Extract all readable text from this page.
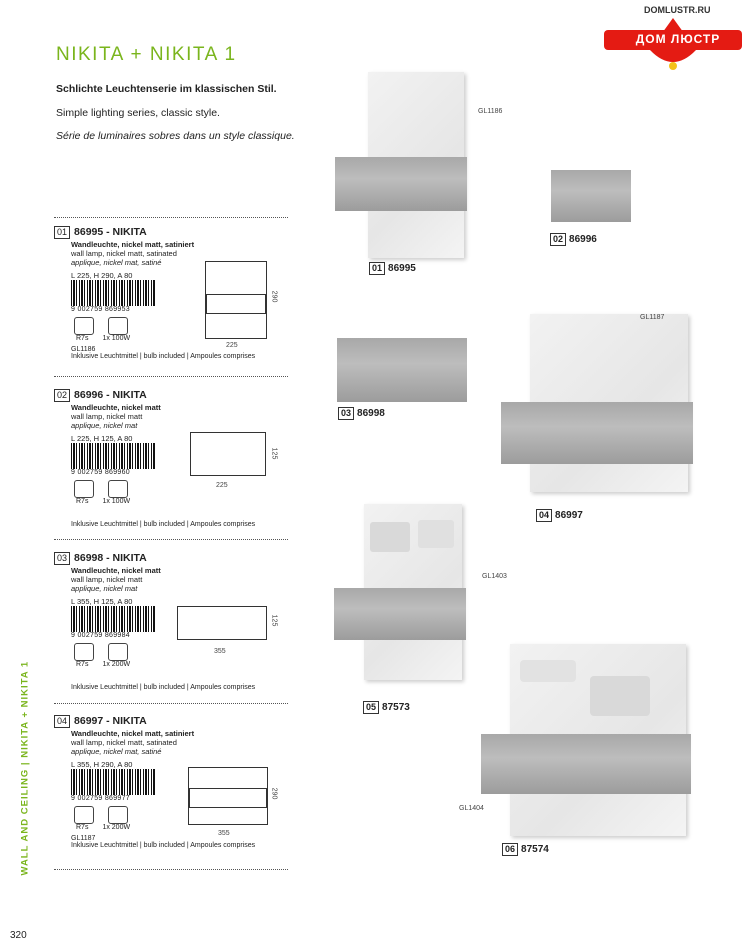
DOMLUSTR.RU
ДОМ ЛЮСТР
NIKITA + NIKITA 1
Schlichte Leuchtenserie im klassischen Stil.
Simple lighting series, classic style.
Série de luminaires sobres dans un style classique.
01 86995 - NIKITA
Wandleuchte, nickel matt, satiniert
wall lamp, nickel matt, satinated
applique, nickel mat, satiné
L 225, H 290, A 80
9 002759 869953
R7s 1x 100W
GL1186
Inklusive Leuchtmittel | bulb included | Ampoules comprises
225
290
02 86996 - NIKITA
Wandleuchte, nickel matt
wall lamp, nickel matt
applique, nickel mat
L 225, H 125, A 80
9 002759 869960
R7s 1x 100W
Inklusive Leuchtmittel | bulb included | Ampoules comprises
225
125
03 86998 - NIKITA
Wandleuchte, nickel matt
wall lamp, nickel matt
applique, nickel mat
L 355, H 125, A 80
9 002759 869984
R7s 1x 200W
Inklusive Leuchtmittel | bulb included | Ampoules comprises
355
125
04 86997 - NIKITA
Wandleuchte, nickel matt, satiniert
wall lamp, nickel matt, satinated
applique, nickel mat, satiné
L 355, H 290, A 80
9 002759 869977
R7s 1x 200W
GL1187
Inklusive Leuchtmittel | bulb included | Ampoules comprises
355
290
GL1186
01 86995
02 86996
03 86998
GL1187
04 86997
GL1403
05 87573
GL1404
06 87574
WALL AND CEILING | NIKITA + NIKITA 1
320
